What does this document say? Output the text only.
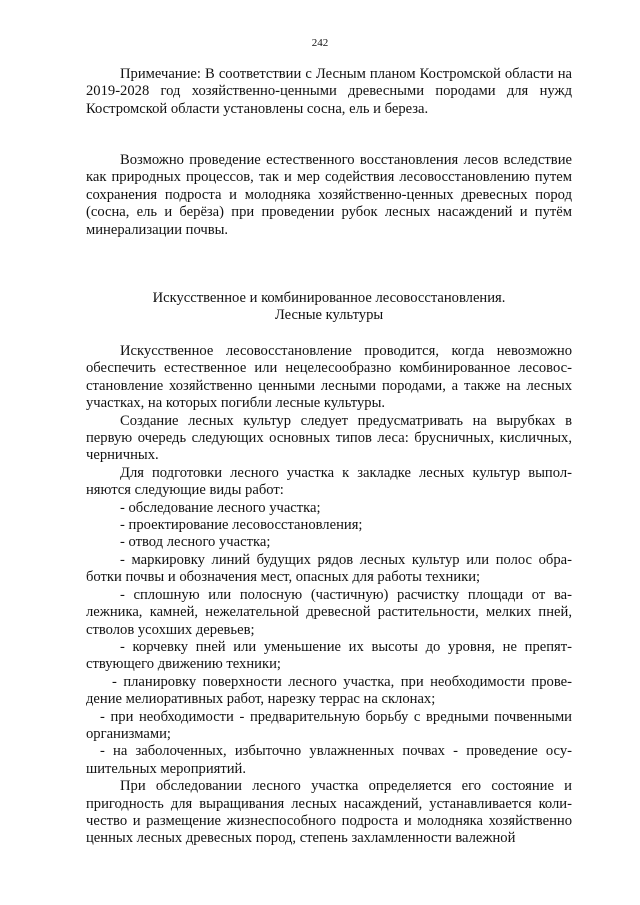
242

Примечание: В соответствии с Лесным планом Костромской области на 2019-2028 год хозяйственно-ценными древесными породами для нужд Костромской области установлены сосна, ель и береза.

Возможно проведение естественного восстановления лесов вследствие как природных процессов, так и мер содействия лесовосстановлению путем сохранения подроста и молодняка хозяйственно-ценных древесных пород (сосна, ель и берёза) при проведении рубок лесных насаждений и путём минерализации почвы.

Искусственное и комбинированное лесовосстановления.
Лесные культуры

Искусственное лесовосстановление проводится, когда невозможно обеспечить естественное или нецелесообразно комбинированное лесовосстановление хозяйственно ценными лесными породами, а также на лесных участках, на которых погибли лесные культуры.

Создание лесных культур следует предусматривать на вырубках в первую очередь следующих основных типов леса: брусничных, кисличных, черничных.

Для подготовки лесного участка к закладке лесных культур выполняются следующие виды работ:

- обследование лесного участка;

- проектирование лесовосстановления;

- отвод лесного участка;

- маркировку линий будущих рядов лесных культур или полос обработки почвы и обозначения мест, опасных для работы техники;

- сплошную или полосную (частичную) расчистку площади от валежника, камней, нежелательной древесной растительности, мелких пней, стволов усохших деревьев;

- корчевку пней или уменьшение их высоты до уровня, не препятствующего движению техники;

- планировку поверхности лесного участка, при необходимости проведение мелиоративных работ, нарезку террас на склонах;

- при необходимости - предварительную борьбу с вредными почвенными организмами;

- на заболоченных, избыточно увлажненных почвах - проведение осушительных мероприятий.

При обследовании лесного участка определяется его состояние и пригодность для выращивания лесных насаждений, устанавливается количество и размещение жизнеспособного подроста и молодняка хозяйственно ценных лесных древесных пород, степень захламленности валежной
